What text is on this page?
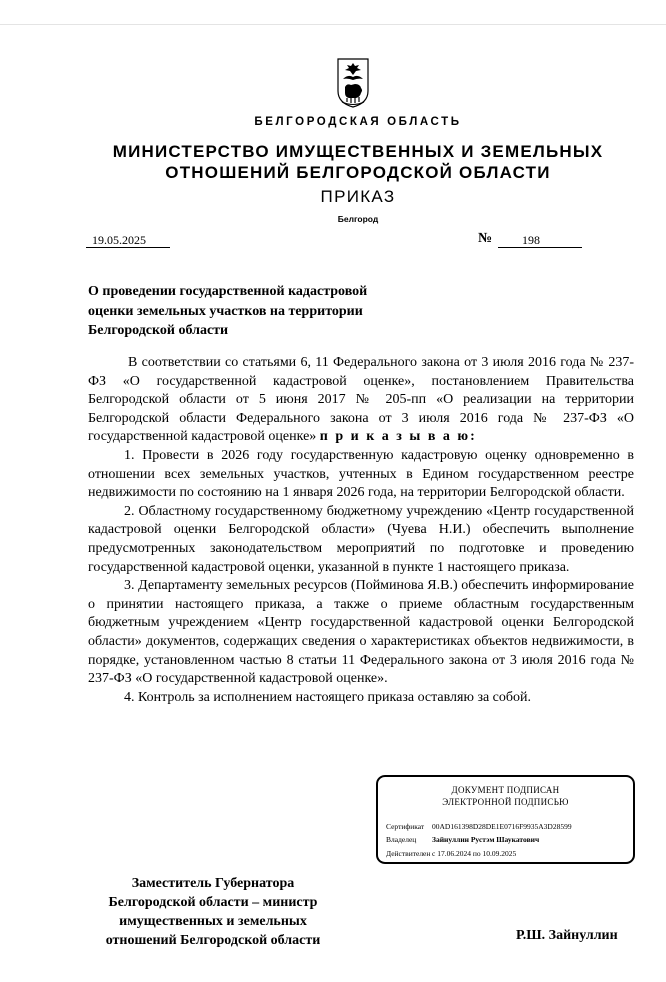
БЕЛГОРОДСКАЯ ОБЛАСТЬ
МИНИСТЕРСТВО ИМУЩЕСТВЕННЫХ И ЗЕМЕЛЬНЫХ
ОТНОШЕНИЙ БЕЛГОРОДСКОЙ ОБЛАСТИ
ПРИКАЗ
Белгород
19.05.2025	№	198
О проведении государственной кадастровой
оценки земельных участков на территории
Белгородской области

В соответствии со статьями 6, 11 Федерального закона от 3 июля 2016 года № 237-ФЗ «О государственной кадастровой оценке», постановлением Правительства Белгородской области от 5 июня 2017 № 205-пп «О реализации на территории Белгородской области Федерального закона от 3 июля 2016 года № 237-ФЗ «О государственной кадастровой оценке» п р и к а з ы в а ю:

1. Провести в 2026 году государственную кадастровую оценку одновременно в отношении всех земельных участков, учтенных в Едином государственном реестре недвижимости по состоянию на 1 января 2026 года, на территории Белгородской области.

2. Областному государственному бюджетному учреждению «Центр государственной кадастровой оценки Белгородской области» (Чуева Н.И.) обеспечить выполнение предусмотренных законодательством мероприятий по подготовке и проведению государственной кадастровой оценки, указанной в пункте 1 настоящего приказа.

3. Департаменту земельных ресурсов (Пойминова Я.В.) обеспечить информирование о принятии настоящего приказа, а также о приеме областным государственным бюджетным учреждением «Центр государственной кадастровой оценки Белгородской области» документов, содержащих сведения о характеристиках объектов недвижимости, в порядке, установленном частью 8 статьи 11 Федерального закона от 3 июля 2016 года № 237-ФЗ «О государственной кадастровой оценке».

4. Контроль за исполнением настоящего приказа оставляю за собой.

ДОКУМЕНТ ПОДПИСАН
ЭЛЕКТРОННОЙ ПОДПИСЬЮ
Сертификат 00AD161398D28DE1E0716F9935A3D28599
Владелец Зайнуллин Рустэм Шаукатович
Действителен с 17.06.2024 по 10.09.2025
Заместитель Губернатора
Белгородской области – министр
имущественных и земельных
отношений Белгородской области	Р.Ш. Зайнуллин
